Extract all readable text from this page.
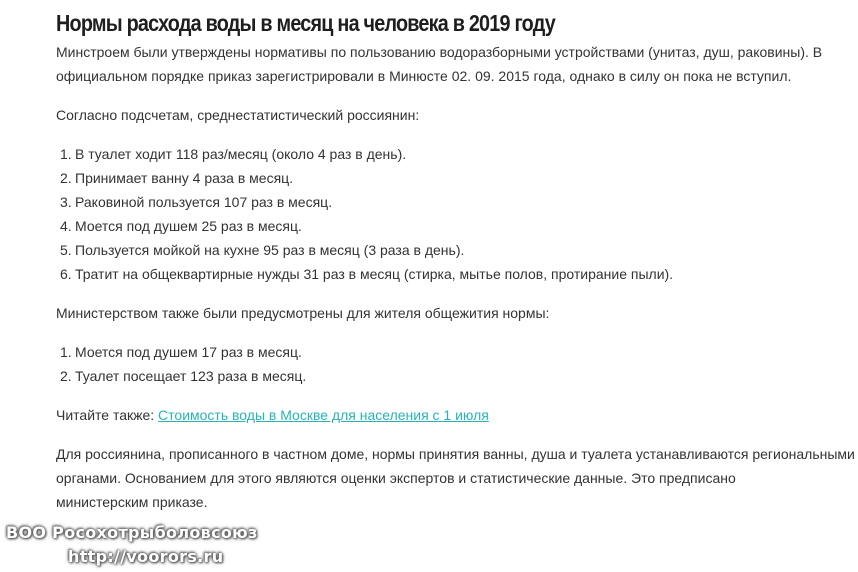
Нормы расхода воды в месяц на человека в 2019 году

Минстроем были утверждены нормативы по пользованию водоразборными устройствами (унитаз, душ, раковины). В

официальном порядке приказ зарегистрировали в Минюсте 02. 09. 2015 года, однако в силу он пока не вступил.

Согласно подсчетам, среднестатистический россиянин:

1. В туалет ходит 118 раз/месяц (около 4 раз в день).

2. Принимает ванну 4 раза в месяц.

3. Раковиной пользуется 107 раз в месяц.

4. Моется под душем 25 раз в месяц.

5. Пользуется мойкой на кухне 95 раз в месяц (3 раза в день).

6. Тратит на общеквартирные нужды 31 раз в месяц (стирка, мытье полов, протирание пыли).

Министерством также были предусмотрены для жителя общежития нормы:

1. Моется под душем 17 раз в месяц.

2. Туалет посещает 123 раза в месяц.

Читайте также: Стоимость воды в Москве для населения с 1 июля

Для россиянина, прописанного в частном доме, нормы принятия ванны, душа и туалета устанавливаются региональными

органами. Основанием для этого являются оценки экспертов и статистические данные. Это предписано

министерским приказе.

ВОО Росохотрыболовсоюз
http://voorors.ru
